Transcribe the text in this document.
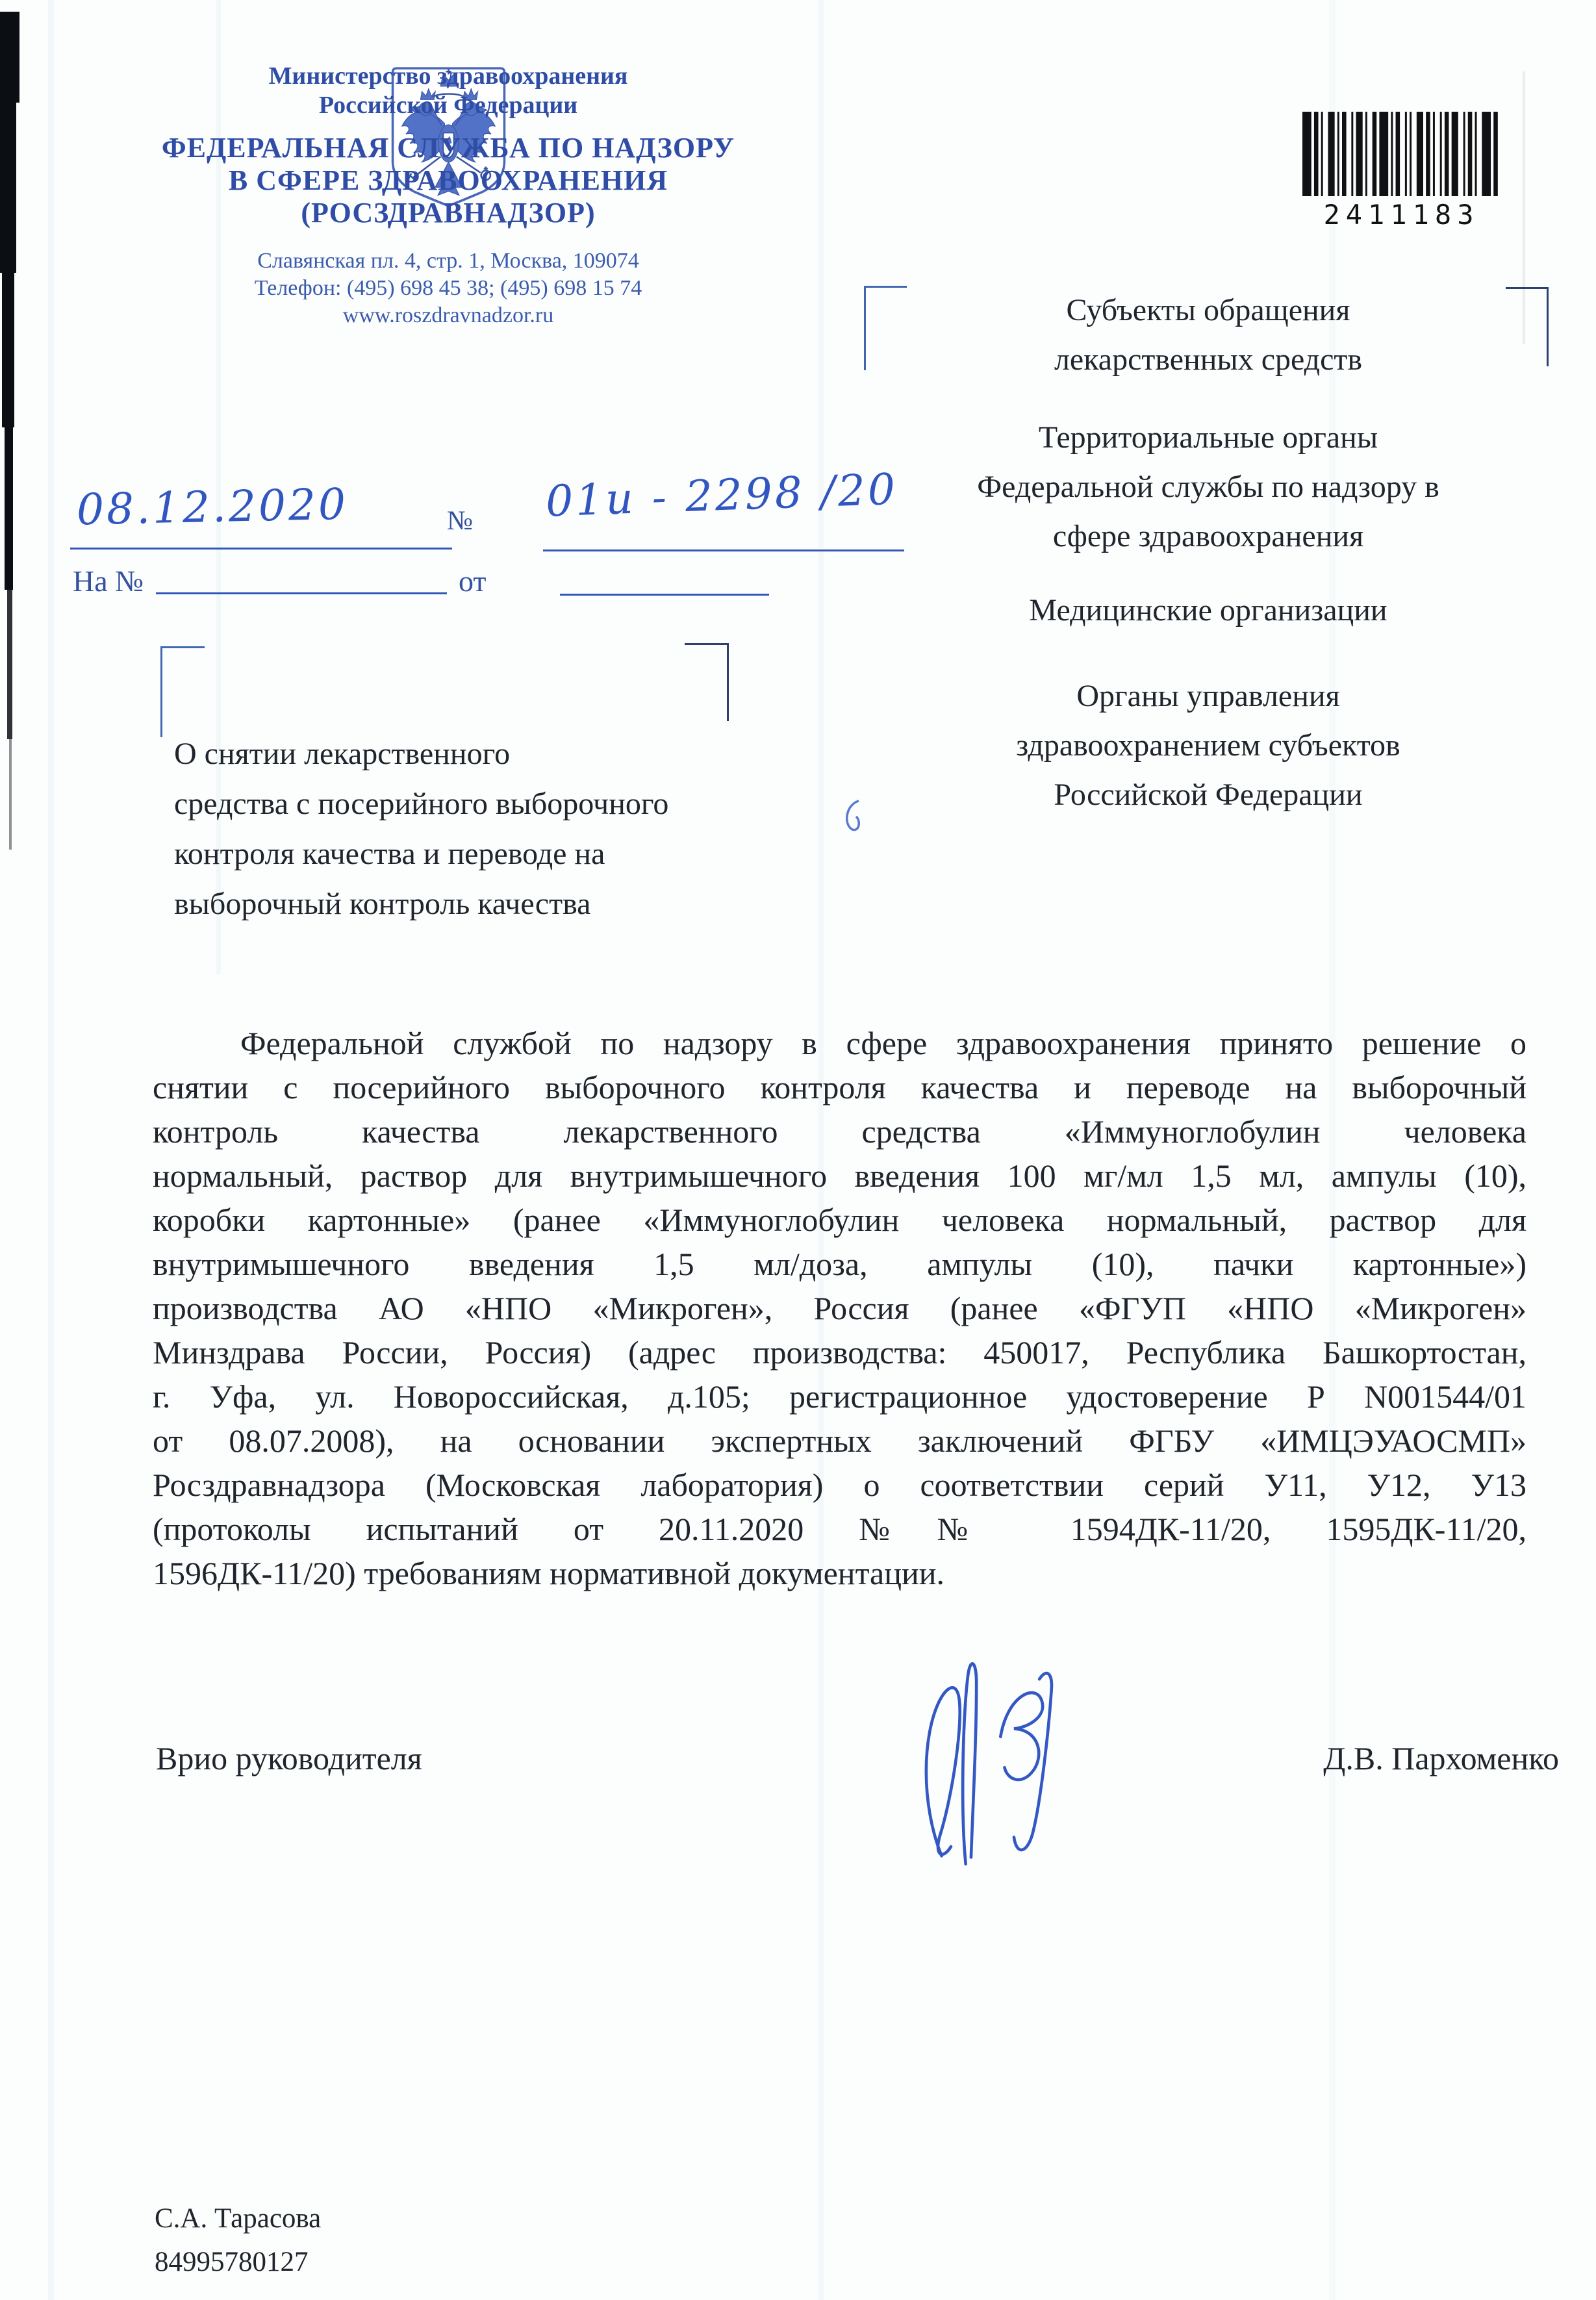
Министерство здравоохранения
Российской Федерации
ФЕДЕРАЛЬНАЯ СЛУЖБА ПО НАДЗОРУ
В СФЕРЕ ЗДРАВООХРАНЕНИЯ
(РОСЗДРАВНАДЗОР)
Славянская пл. 4, стр. 1, Москва, 109074
Телефон: (495) 698 45 38; (495) 698 15 74
www.roszdravnadzor.ru
2411183
08.12.2020	№ 01и - 2298 /20
На №	от
О снятии лекарственного
средства с посерийного выборочного
контроля качества и переводе на
выборочный контроль качества
Субъекты обращения
лекарственных средств
Территориальные органы
Федеральной службы по надзору в
сфере здравоохранения
Медицинские организации
Органы управления
здравоохранением субъектов
Российской Федерации
Федеральной службой по надзору в сфере здравоохранения принято решение о
снятии с посерийного выборочного контроля качества и переводе на выборочный
контроль качества лекарственного средства «Иммуноглобулин человека
нормальный, раствор для внутримышечного введения 100 мг/мл 1,5 мл, ампулы (10),
коробки картонные» (ранее «Иммуноглобулин человека нормальный, раствор для
внутримышечного введения 1,5 мл/доза, ампулы (10), пачки картонные»)
производства АО «НПО «Микроген», Россия (ранее «ФГУП «НПО «Микроген»
Минздрава России, Россия) (адрес производства: 450017, Республика Башкортостан,
г. Уфа, ул. Новороссийская, д.105; регистрационное удостоверение Р N001544/01
от 08.07.2008), на основании экспертных заключений ФГБУ «ИМЦЭУАОСМП»
Росздравнадзора (Московская лаборатория) о соответствии серий У11, У12, У13
(протоколы испытаний от 20.11.2020 №№ 1594ДК-11/20, 1595ДК-11/20,
1596ДК-11/20) требованиям нормативной документации.
Врио руководителя	Д.В. Пархоменко
С.А. Тарасова
84995780127
